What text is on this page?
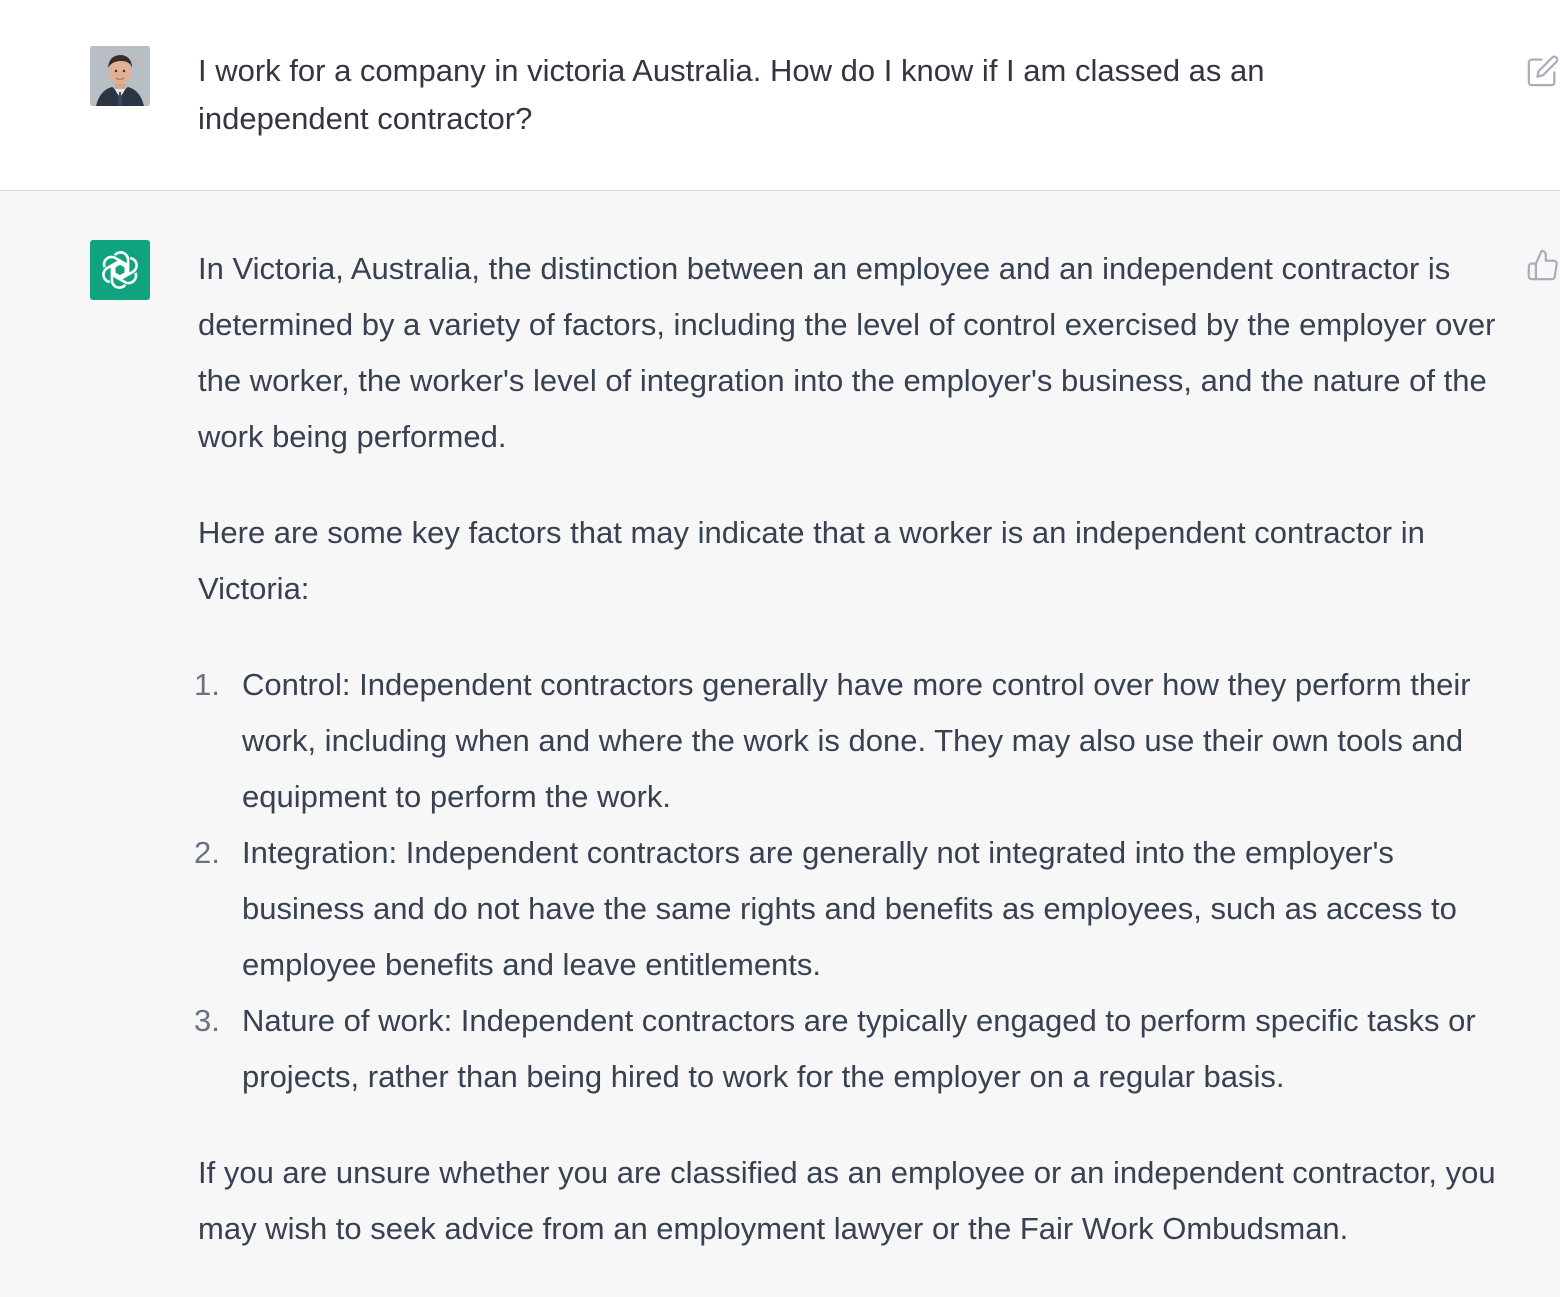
I work for a company in victoria Australia. How do I know if I am classed as an independent contractor?

In Victoria, Australia, the distinction between an employee and an independent contractor is determined by a variety of factors, including the level of control exercised by the employer over the worker, the worker's level of integration into the employer's business, and the nature of the work being performed.

Here are some key factors that may indicate that a worker is an independent contractor in Victoria:

1. Control: Independent contractors generally have more control over how they perform their work, including when and where the work is done. They may also use their own tools and equipment to perform the work.
2. Integration: Independent contractors are generally not integrated into the employer's business and do not have the same rights and benefits as employees, such as access to employee benefits and leave entitlements.
3. Nature of work: Independent contractors are typically engaged to perform specific tasks or projects, rather than being hired to work for the employer on a regular basis.

If you are unsure whether you are classified as an employee or an independent contractor, you may wish to seek advice from an employment lawyer or the Fair Work Ombudsman.
